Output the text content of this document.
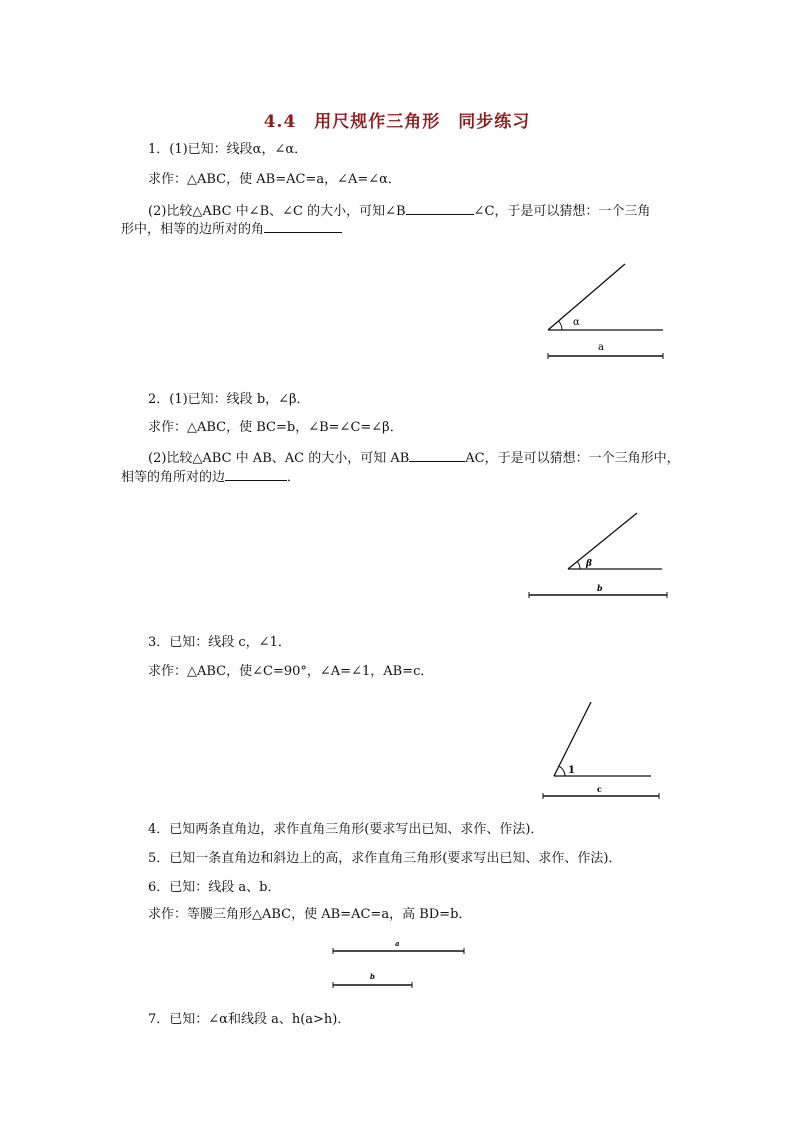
4.4　用尺规作三角形　同步练习
1．(1)已知：线段α，∠α．
求作：△ABC，使 AB=AC=a，∠A=∠α．
(2)比较△ABC 中∠B、∠C 的大小，可知∠B	∠C，于是可以猜想：一个三角
形中，相等的边所对的角
α
a
2．(1)已知：线段 b，∠β．
求作：△ABC，使 BC=b，∠B=∠C=∠β．
(2)比较△ABC 中 AB、AC 的大小，可知 AB	AC，于是可以猜想：一个三角形中，
相等的角所对的边	．
β
b
3．已知：线段 c，∠1．
求作：△ABC，使∠C=90°，∠A=∠1，AB=c．
1
c
4．已知两条直角边，求作直角三角形(要求写出已知、求作、作法)．
5．已知一条直角边和斜边上的高，求作直角三角形(要求写出已知、求作、作法)．
6．已知：线段 a、b．
求作：等腰三角形△ABC，使 AB=AC=a，高 BD=b．
a
b
7．已知：∠α和线段 a、h(a>h)．
